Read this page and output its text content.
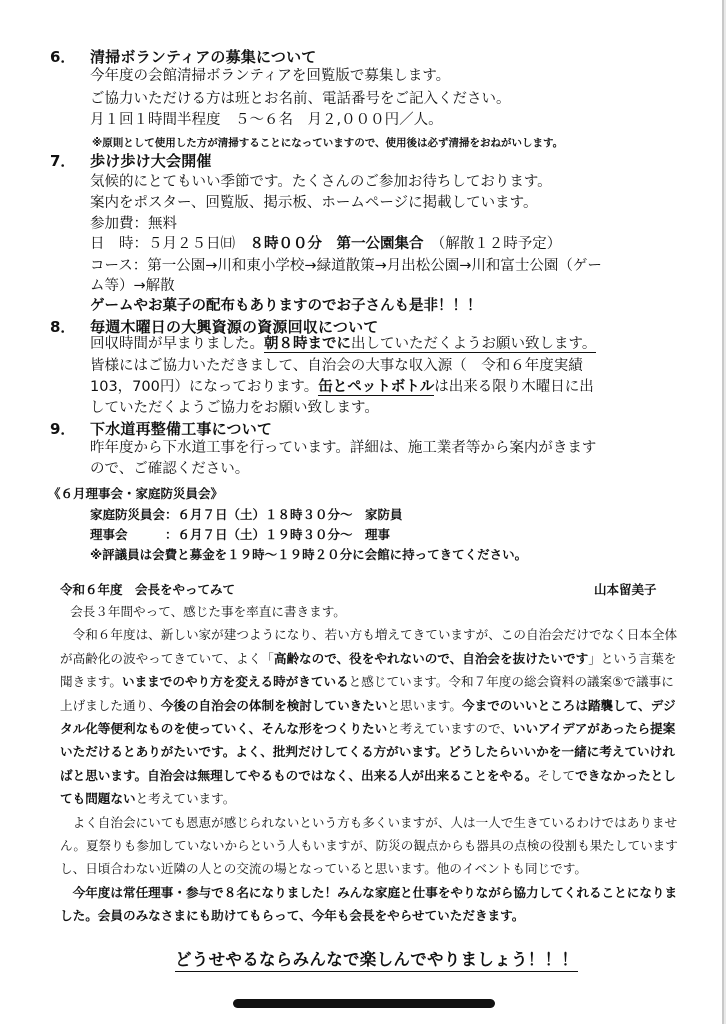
6． 清掃ボランティアの募集について
今年度の会館清掃ボランティアを回覧版で募集します。
ご協力いただける方は班とお名前、電話番号をご記入ください。
月１回１時間半程度　５～６名　月２,０００円／人。
※原則として使用した方が清掃することになっていますので、使用後は必ず清掃をおねがいします。
7． 歩け歩け大会開催
気候的にとてもいい季節です。たくさんのご参加お待ちしております。
案内をポスター、回覧版、掲示板、ホームページに掲載しています。
参加費：無料
日　時：５月２５日㈰　８時００分　第一公園集合　（解散１２時予定）
コース：第一公園→川和東小学校→緑道散策→月出松公園→川和富士公園（ゲー
ム等）→解散
ゲームやお菓子の配布もありますのでお子さんも是非！！！
8． 毎週木曜日の大興資源の資源回収について
回収時間が早まりました。朝８時までに出していただくようお願い致します。
皆様にはご協力いただきまして、自治会の大事な収入源（　令和６年度実績
103，700円）になっております。缶とペットボトルは出来る限り木曜日に出
していただくようご協力をお願い致します。
9． 下水道再整備工事について
昨年度から下水道工事を行っています。詳細は、施工業者等から案内がきます
ので、ご確認ください。
《６月理事会・家庭防災員会》
家庭防災員会：６月７日（土）１８時３０分～　家防員
理事会　　　：６月７日（土）１９時３０分～　理事
※評議員は会費と募金を１９時～１９時２０分に会館に持ってきてください。
令和６年度　会長をやってみて	山本留美子

会長３年間やって、感じた事を率直に書きます。

令和６年度は、新しい家が建つようになり、若い方も増えてきていますが、この自治会だけでなく日本全体が高齢化の波やってきていて、よく「高齢なので、役をやれないので、自治会を抜けたいです」という言葉を聞きます。いままでのやり方を変える時がきていると感じています。令和７年度の総会資料の議案⑤で議事に上げました通り、今後の自治会の体制を検討していきたいと思います。今までのいいところは踏襲して、デジタル化等便利なものを使っていく、そんな形をつくりたいと考えていますので、いいアイデアがあったら提案いただけるとありがたいです。よく、批判だけしてくる方がいます。どうしたらいいかを一緒に考えていければと思います。自治会は無理してやるものではなく、出来る人が出来ることをやる。そしてできなかったとしても問題ないと考えています。

よく自治会にいても恩恵が感じられないという方も多くいますが、人は一人で生きているわけではありません。夏祭りも参加していないからという人もいますが、防災の観点からも器具の点検の役割も果たしていますし、日頃合わない近隣の人との交流の場となっていると思います。他のイベントも同じです。

今年度は常任理事・参与で８名になりました！みんな家庭と仕事をやりながら協力してくれることになりました。会員のみなさまにも助けてもらって、今年も会長をやらせていただきます。

どうせやるならみんなで楽しんでやりましょう！！！
